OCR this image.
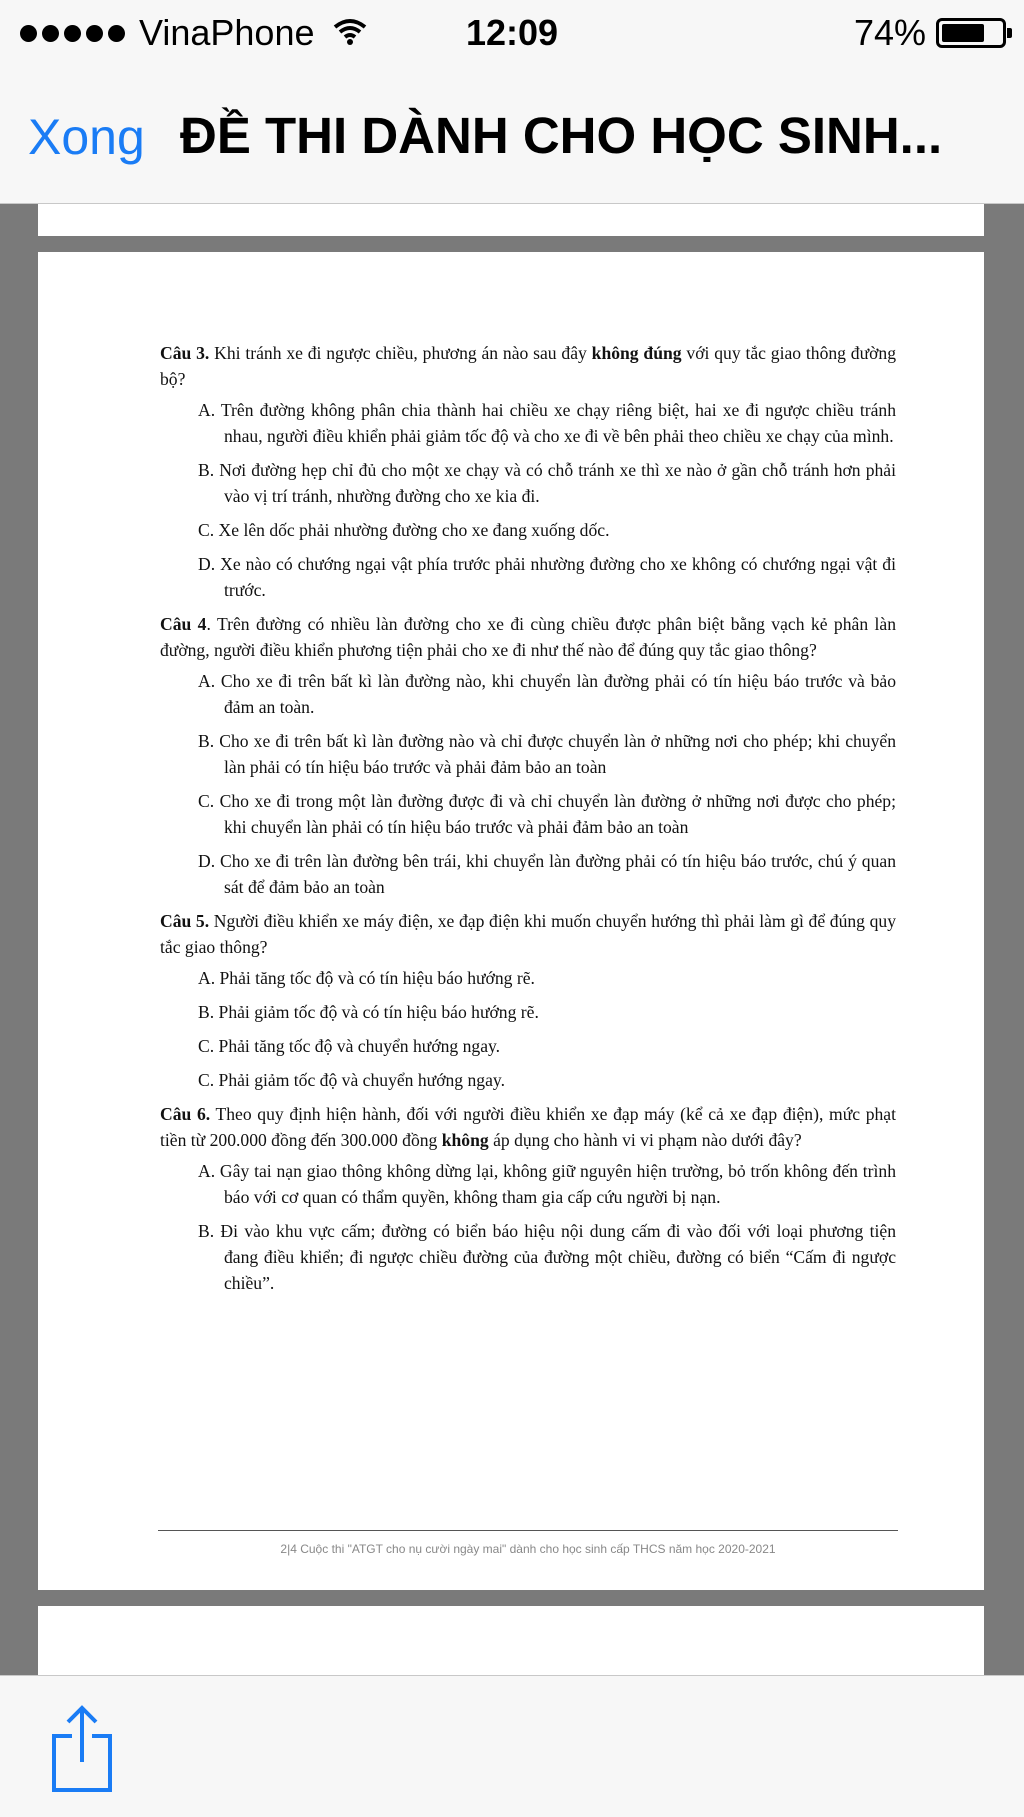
VinaPhone	12:09	74%
Xong ĐỀ THI DÀNH CHO HỌC SINH...
Câu 3. Khi tránh xe đi ngược chiều, phương án nào sau đây không đúng với quy tắc giao thông đường bộ?
A. Trên đường không phân chia thành hai chiều xe chạy riêng biệt, hai xe đi ngược chiều tránh nhau, người điều khiển phải giảm tốc độ và cho xe đi về bên phải theo chiều xe chạy của mình.
B. Nơi đường hẹp chỉ đủ cho một xe chạy và có chỗ tránh xe thì xe nào ở gần chỗ tránh hơn phải vào vị trí tránh, nhường đường cho xe kia đi.
C. Xe lên dốc phải nhường đường cho xe đang xuống dốc.
D. Xe nào có chướng ngại vật phía trước phải nhường đường cho xe không có chướng ngại vật đi trước.
Câu 4. Trên đường có nhiều làn đường cho xe đi cùng chiều được phân biệt bằng vạch kẻ phân làn đường, người điều khiển phương tiện phải cho xe đi như thế nào để đúng quy tắc giao thông?
A. Cho xe đi trên bất kì làn đường nào, khi chuyển làn đường phải có tín hiệu báo trước và bảo đảm an toàn.
B. Cho xe đi trên bất kì làn đường nào và chỉ được chuyển làn ở những nơi cho phép; khi chuyển làn phải có tín hiệu báo trước và phải đảm bảo an toàn
C. Cho xe đi trong một làn đường được đi và chỉ chuyển làn đường ở những nơi được cho phép; khi chuyển làn phải có tín hiệu báo trước và phải đảm bảo an toàn
D. Cho xe đi trên làn đường bên trái, khi chuyển làn đường phải có tín hiệu báo trước, chú ý quan sát để đảm bảo an toàn
Câu 5. Người điều khiển xe máy điện, xe đạp điện khi muốn chuyển hướng thì phải làm gì để đúng quy tắc giao thông?
A. Phải tăng tốc độ và có tín hiệu báo hướng rẽ.
B. Phải giảm tốc độ và có tín hiệu báo hướng rẽ.
C. Phải tăng tốc độ và chuyển hướng ngay.
C. Phải giảm tốc độ và chuyển hướng ngay.
Câu 6. Theo quy định hiện hành, đối với người điều khiển xe đạp máy (kể cả xe đạp điện), mức phạt tiền từ 200.000 đồng đến 300.000 đồng không áp dụng cho hành vi vi phạm nào dưới đây?
A. Gây tai nạn giao thông không dừng lại, không giữ nguyên hiện trường, bỏ trốn không đến trình báo với cơ quan có thẩm quyền, không tham gia cấp cứu người bị nạn.
B. Đi vào khu vực cấm; đường có biển báo hiệu nội dung cấm đi vào đối với loại phương tiện đang điều khiển; đi ngược chiều đường của đường một chiều, đường có biển “Cấm đi ngược chiều”.
2|4 Cuộc thi "ATGT cho nụ cười ngày mai" dành cho học sinh cấp THCS năm học 2020-2021
